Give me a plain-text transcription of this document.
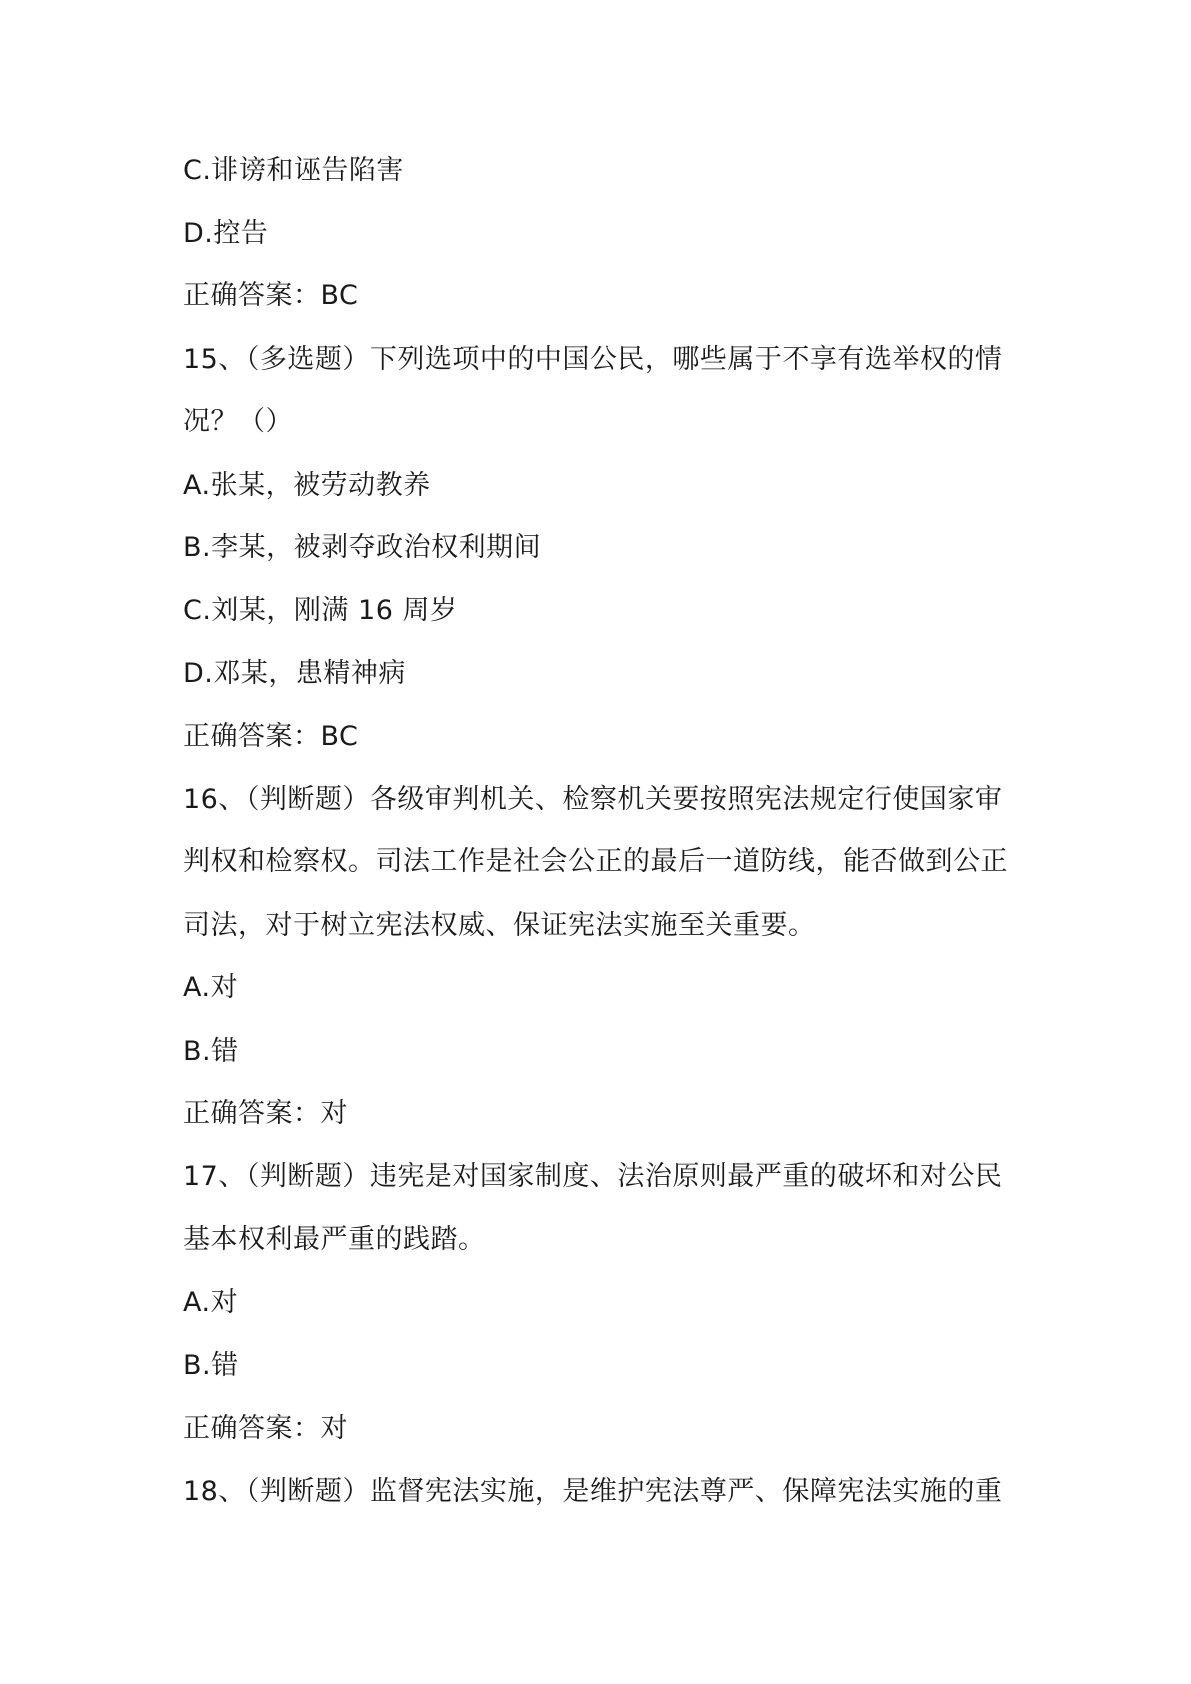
C.诽谤和诬告陷害
D.控告
正确答案：BC
15、（多选题）下列选项中的中国公民，哪些属于不享有选举权的情
况？（）
A.张某，被劳动教养
B.李某，被剥夺政治权利期间
C.刘某，刚满 16 周岁
D.邓某，患精神病
正确答案：BC
16、（判断题）各级审判机关、检察机关要按照宪法规定行使国家审
判权和检察权。司法工作是社会公正的最后一道防线，能否做到公正
司法，对于树立宪法权威、保证宪法实施至关重要。
A.对
B.错
正确答案：对
17、（判断题）违宪是对国家制度、法治原则最严重的破坏和对公民
基本权利最严重的践踏。
A.对
B.错
正确答案：对
18、（判断题）监督宪法实施，是维护宪法尊严、保障宪法实施的重
